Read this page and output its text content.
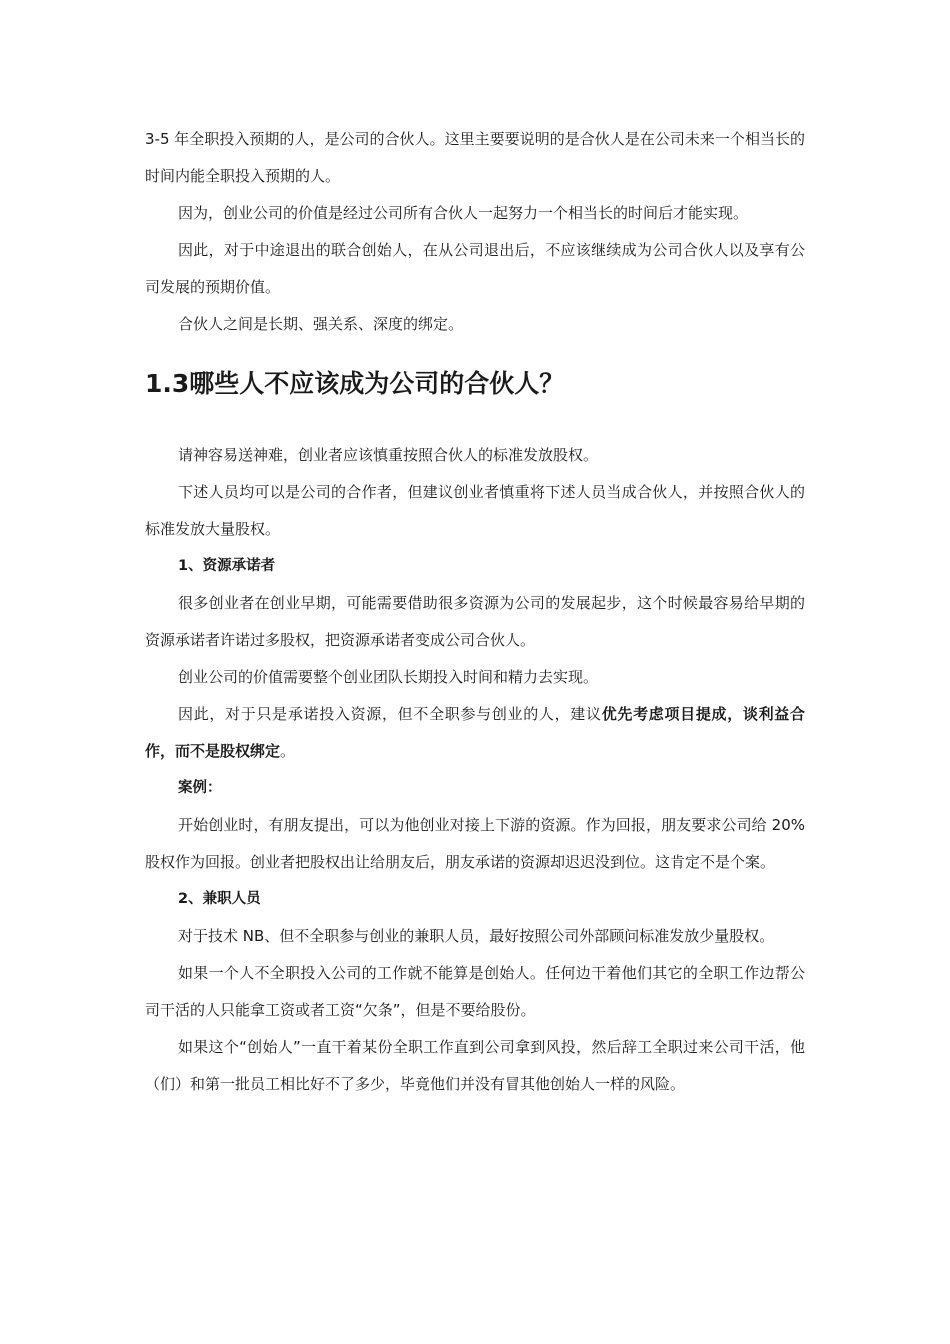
3-5 年全职投入预期的人，是公司的合伙人。这里主要要说明的是合伙人是在公司未来一个相当长的时间内能全职投入预期的人。

因为，创业公司的价值是经过公司所有合伙人一起努力一个相当长的时间后才能实现。

因此，对于中途退出的联合创始人，在从公司退出后，不应该继续成为公司合伙人以及享有公司发展的预期价值。

合伙人之间是长期、强关系、深度的绑定。

1.3哪些人不应该成为公司的合伙人？

请神容易送神难，创业者应该慎重按照合伙人的标准发放股权。

下述人员均可以是公司的合作者，但建议创业者慎重将下述人员当成合伙人，并按照合伙人的标准发放大量股权。

1、资源承诺者

很多创业者在创业早期，可能需要借助很多资源为公司的发展起步，这个时候最容易给早期的资源承诺者许诺过多股权，把资源承诺者变成公司合伙人。

创业公司的价值需要整个创业团队长期投入时间和精力去实现。

因此，对于只是承诺投入资源，但不全职参与创业的人，建议优先考虑项目提成，谈利益合作，而不是股权绑定。

案例：

开始创业时，有朋友提出，可以为他创业对接上下游的资源。作为回报，朋友要求公司给 20%股权作为回报。创业者把股权出让给朋友后，朋友承诺的资源却迟迟没到位。这肯定不是个案。

2、兼职人员

对于技术 NB、但不全职参与创业的兼职人员，最好按照公司外部顾问标准发放少量股权。

如果一个人不全职投入公司的工作就不能算是创始人。任何边干着他们其它的全职工作边帮公司干活的人只能拿工资或者工资“欠条”，但是不要给股份。

如果这个“创始人”一直干着某份全职工作直到公司拿到风投，然后辞工全职过来公司干活，他（们）和第一批员工相比好不了多少，毕竟他们并没有冒其他创始人一样的风险。
